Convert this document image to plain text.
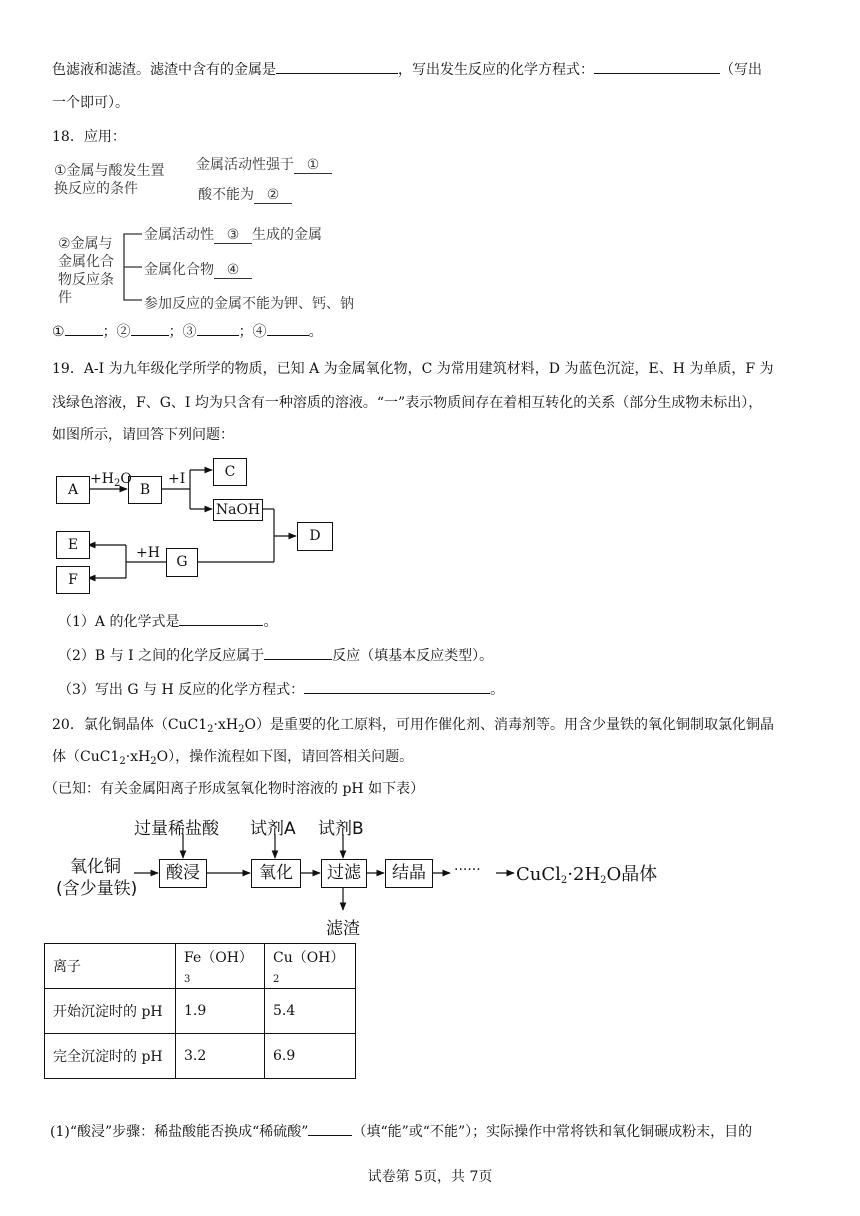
色滤液和滤渣。滤渣中含有的金属是	，写出发生反应的化学方程式：	（写出
一个即可）。
18．应用：
①金属与酸发生置
换反应的条件
金属活动性强于 ①
酸不能为 ②
②金属与
金属化合
物反应条
件
金属活动性 ③ 生成的金属
金属化合物 ④
参加反应的金属不能为钾、钙、钠
①	；②	；③	；④	。
19．A-I 为九年级化学所学的物质，已知 A 为金属氧化物，C 为常用建筑材料，D 为蓝色沉淀，E、H 为单质，F 为
浅绿色溶液，F、G、I 均为只含有一种溶质的溶液。“一”表示物质间存在着相互转化的关系（部分生成物未标出），
如图所示，请回答下列问题：
A	B
C
NaOH
D
E
F
G
$+H_2O$	+I
+H
（1）A 的化学式是	。
（2）B 与 I 之间的化学反应属于	反应（填基本反应类型）。
（3）写出 G 与 H 反应的化学方程式：	。
20．氯化铜晶体$(CuC1_2\cdot xH_2O)$是重要的化工原料，可用作催化剂、消毒剂等。用含少量铁的氧化铜制取氯化铜晶
体$(CuC1_2\cdot xH_2O)$，操作流程如下图，请回答相关问题。
（已知：有关金属阳离子形成氢氧化物时溶液的 pH 如下表）
过量稀盐酸 试剂A 试剂B
氧化铜
(含少量铁)
酸浸	氧化	过滤	结晶	······ $CuCl_2\cdot 2H_2O$晶体
滤渣
离子	$Fe(OH)_3$	$Cu(OH)_2$
开始沉淀时的 pH	1.9	5.4
完全沉淀时的 pH	3.2	6.9
(1)“酸浸”步骤：稀盐酸能否换成“稀硫酸”	（填“能”或“不能”）；实际操作中常将铁和氧化铜碾成粉末，目的
试卷第 5页，共 7页
